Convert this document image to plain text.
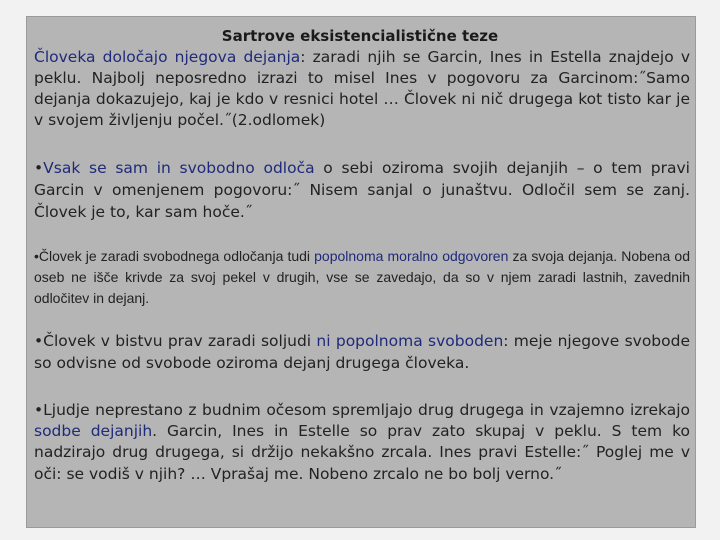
Sartrove eksistencialistične teze
Človeka določajo njegova dejanja: zaradi njih se Garcin, Ines in Estella znajdejo v peklu. Najbolj neposredno izrazi to misel Ines v pogovoru za Garcinom:˝Samo dejanja dokazujejo, kaj je kdo v resnici hotel … Človek ni nič drugega kot tisto kar je v svojem življenju počel.˝(2.odlomek)
•Vsak se sam in svobodno odloča o sebi oziroma svojih dejanjih – o tem pravi Garcin v omenjenem pogovoru:˝ Nisem sanjal o junaštvu. Odločil sem se zanj. Človek je to, kar sam hoče.˝
•Človek je zaradi svobodnega odločanja tudi popolnoma moralno odgovoren za svoja dejanja. Nobena od oseb ne išče krivde za svoj pekel v drugih, vse se zavedajo, da so v njem zaradi lastnih, zavednih odločitev in dejanj.
•Človek v bistvu prav zaradi soljudi ni popolnoma svoboden: meje njegove svobode so odvisne od svobode oziroma dejanj drugega človeka.
•Ljudje neprestano z budnim očesom spremljajo drug drugega in vzajemno izrekajo sodbe dejanjih. Garcin, Ines in Estelle so prav zato skupaj v peklu. S tem ko nadzirajo drug drugega, si držijo nekakšno zrcala. Ines pravi Estelle:˝ Poglej me v oči: se vodiš v njih? … Vprašaj me. Nobeno zrcalo ne bo bolj verno.˝
